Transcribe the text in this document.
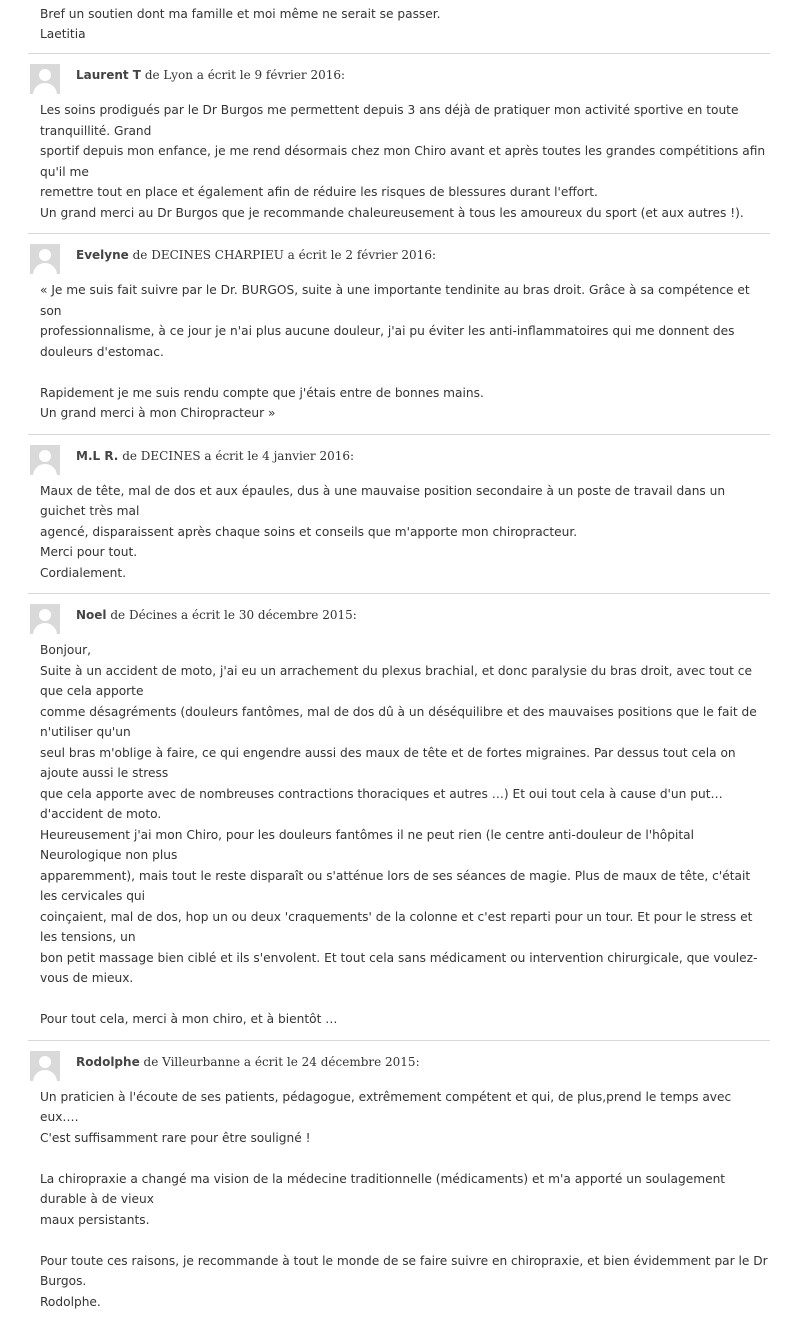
Bref un soutien dont ma famille et moi même ne serait se passer.

Laetitia

Laurent T de Lyon a écrit le 9 février 2016:

Les soins prodigués par le Dr Burgos me permettent depuis 3 ans déjà de pratiquer mon activité sportive en toute tranquillité. Grand

sportif depuis mon enfance, je me rend désormais chez mon Chiro avant et après toutes les grandes compétitions afin qu'il me

remettre tout en place et également afin de réduire les risques de blessures durant l'effort.

Un grand merci au Dr Burgos que je recommande chaleureusement à tous les amoureux du sport (et aux autres !).

Evelyne de DECINES CHARPIEU a écrit le 2 février 2016:

« Je me suis fait suivre par le Dr. BURGOS, suite à une importante tendinite au bras droit. Grâce à sa compétence et son

professionnalisme, à ce jour je n'ai plus aucune douleur, j'ai pu éviter les anti-inflammatoires qui me donnent des douleurs d'estomac.

Rapidement je me suis rendu compte que j'étais entre de bonnes mains.

Un grand merci à mon Chiropracteur »

M.L R. de DECINES a écrit le 4 janvier 2016:

Maux de tête, mal de dos et aux épaules, dus à une mauvaise position secondaire à un poste de travail dans un guichet très mal

agencé, disparaissent après chaque soins et conseils que m'apporte mon chiropracteur.

Merci pour tout.

Cordialement.

Noel de Décines a écrit le 30 décembre 2015:

Bonjour,

Suite à un accident de moto, j'ai eu un arrachement du plexus brachial, et donc paralysie du bras droit, avec tout ce que cela apporte

comme désagréments (douleurs fantômes, mal de dos dû à un déséquilibre et des mauvaises positions que le fait de n'utiliser qu'un

seul bras m'oblige à faire, ce qui engendre aussi des maux de tête et de fortes migraines. Par dessus tout cela on ajoute aussi le stress

que cela apporte avec de nombreuses contractions thoraciques et autres …) Et oui tout cela à cause d'un put… d'accident de moto.

Heureusement j'ai mon Chiro, pour les douleurs fantômes il ne peut rien (le centre anti-douleur de l'hôpital Neurologique non plus

apparemment), mais tout le reste disparaît ou s'atténue lors de ses séances de magie. Plus de maux de tête, c'était les cervicales qui

coinçaient, mal de dos, hop un ou deux 'craquements' de la colonne et c'est reparti pour un tour. Et pour le stress et les tensions, un

bon petit massage bien ciblé et ils s'envolent. Et tout cela sans médicament ou intervention chirurgicale, que voulez-vous de mieux.

Pour tout cela, merci à mon chiro, et à bientôt …

Rodolphe de Villeurbanne a écrit le 24 décembre 2015:

Un praticien à l'écoute de ses patients, pédagogue, extrêmement compétent et qui, de plus,prend le temps avec eux….

C'est suffisamment rare pour être souligné !

La chiropraxie a changé ma vision de la médecine traditionnelle (médicaments) et m'a apporté un soulagement durable à de vieux

maux persistants.

Pour toute ces raisons, je recommande à tout le monde de se faire suivre en chiropraxie, et bien évidemment par le Dr Burgos.

Rodolphe.
